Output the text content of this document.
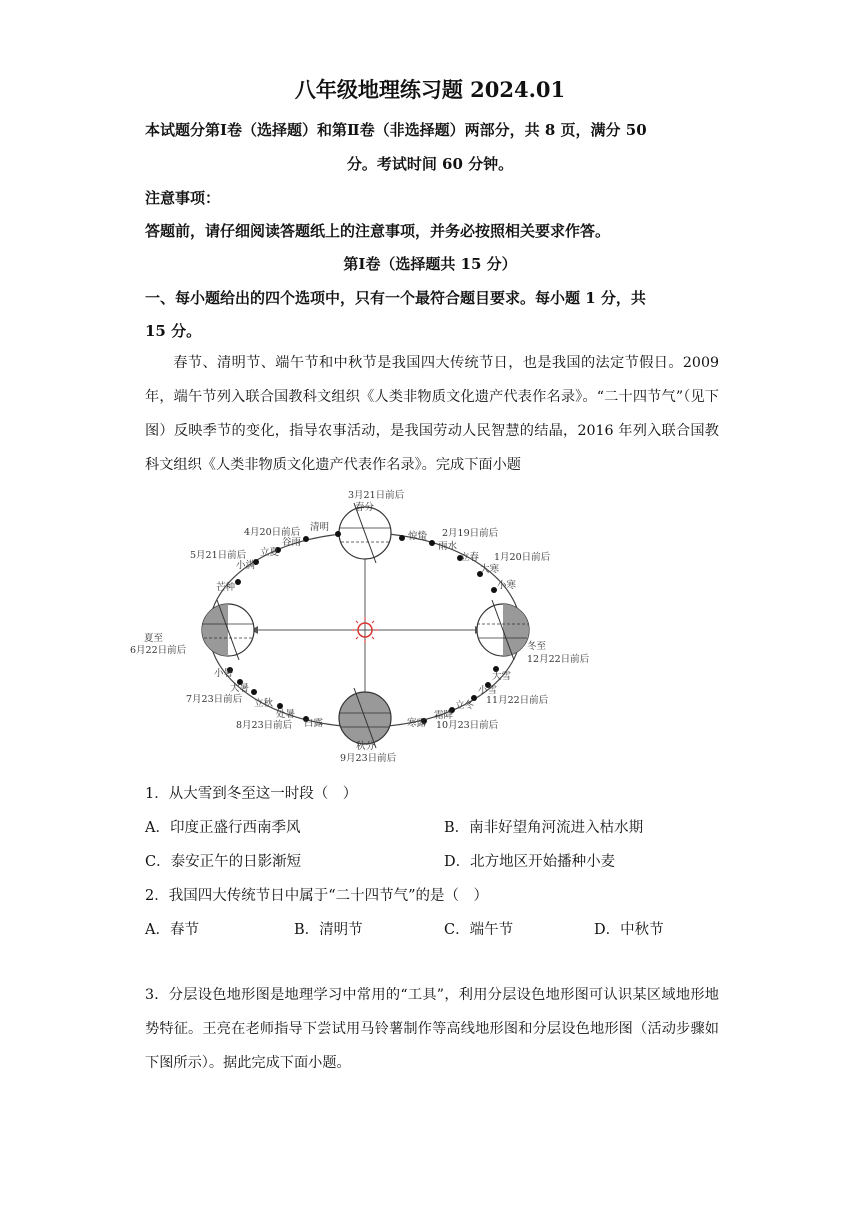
八年级地理练习题 2024.01
本试题分第Ⅰ卷（选择题）和第Ⅱ卷（非选择题）两部分，共 8 页，满分 50
分。考试时间 60 分钟。
注意事项：
答题前，请仔细阅读答题纸上的注意事项，并务必按照相关要求作答。
第Ⅰ卷（选择题共 15 分）
一、每小题给出的四个选项中，只有一个最符合题目要求。每小题 1 分，共
15 分。
春节、清明节、端午节和中秋节是我国四大传统节日，也是我国的法定节假日。2009 年，端午节列入联合国教科文组织《人类非物质文化遗产代表作名录》。“二十四节气”（见下图）反映季节的变化，指导农事活动，是我国劳动人民智慧的结晶，2016 年列入联合国教科文组织《人类非物质文化遗产代表作名录》。完成下面小题
3月21日前后
春分
夏至
6月22日前后
秋分
9月23日前后
冬至
12月22日前后
4月20日前后
5月21日前后
2月19日前后
1月20日前后
7月23日前后
8月23日前后	10月23日前后
11月22日前后
清明
谷雨
立夏
小满
芒种
惊蛰
雨水
立春
大寒
小寒
小暑
大暑
立秋
处暑
白露	寒露
霜降
立冬
小雪
大雪
1．从大雪到冬至这一时段（　）
A．印度正盛行西南季风	B．南非好望角河流进入枯水期
C．泰安正午的日影渐短	D．北方地区开始播种小麦
2．我国四大传统节日中属于“二十四节气”的是（　）
A．春节	B．清明节	C．端午节	D．中秋节
3．分层设色地形图是地理学习中常用的“工具”，利用分层设色地形图可认识某区域地形地势特征。王亮在老师指导下尝试用马铃薯制作等高线地形图和分层设色地形图（活动步骤如下图所示）。据此完成下面小题。
